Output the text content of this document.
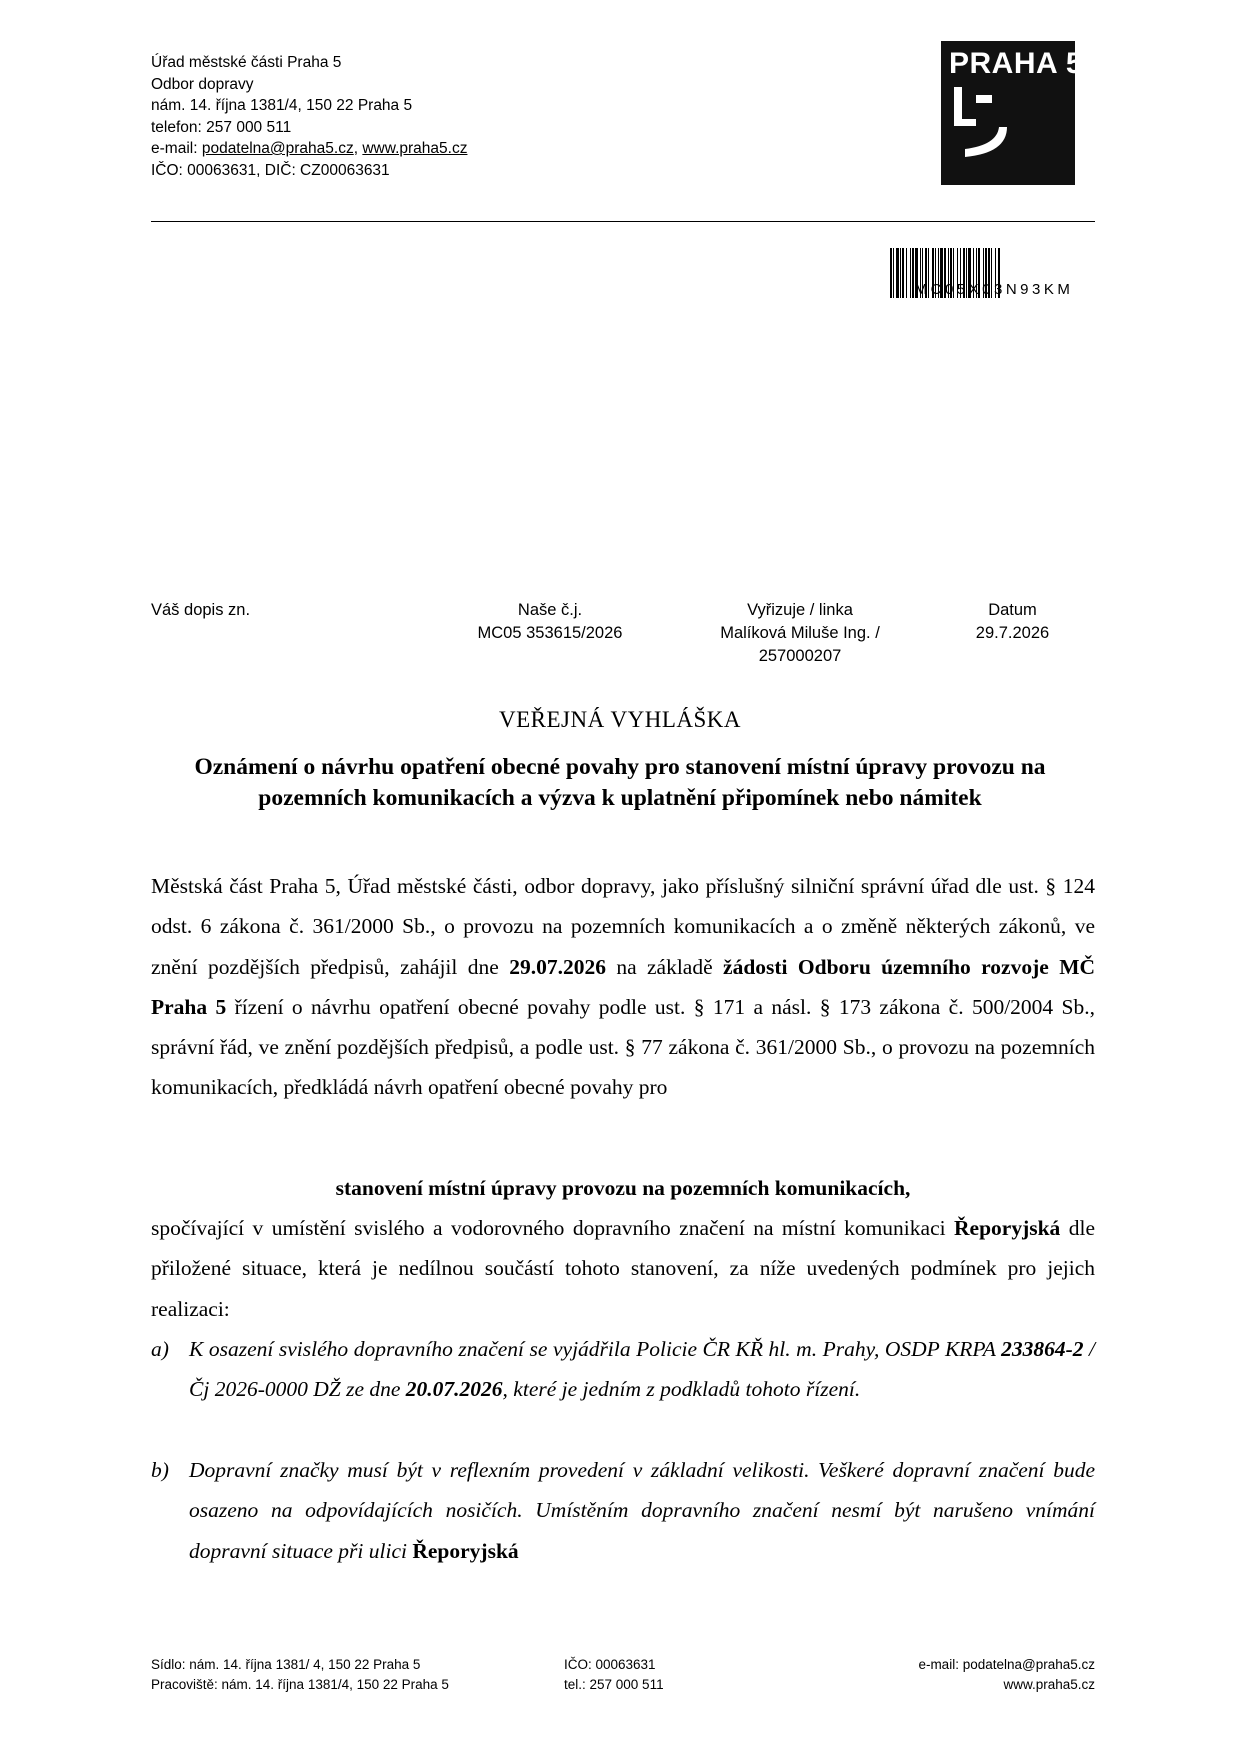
Úřad městské části Praha 5
Odbor dopravy
nám. 14. října 1381/4, 150 22 Praha 5
telefon: 257 000 511
e-mail: podatelna@praha5.cz, www.praha5.cz
IČO: 00063631, DIČ: CZ00063631
PRAHA 5
MC05X03N93KM
Váš dopis zn.	Naše č.j.
MC05 353615/2026
Vyřizuje / linka
Malíková Miluše Ing. /
257000207
Datum
29.7.2026
VEŘEJNÁ VYHLÁŠKA
Oznámení o návrhu opatření obecné povahy pro stanovení místní úpravy provozu na
pozemních komunikacích a výzva k uplatnění připomínek nebo námitek
Městská část Praha 5, Úřad městské části, odbor dopravy, jako příslušný silniční správní úřad dle ust. § 124 odst. 6 zákona č. 361/2000 Sb., o provozu na pozemních komunikacích a o změně některých zákonů, ve znění pozdějších předpisů, zahájil dne 29.07.2026 na základě žádosti Odboru územního rozvoje MČ Praha 5 řízení o návrhu opatření obecné povahy podle ust. § 171 a násl. § 173 zákona č. 500/2004 Sb., správní řád, ve znění pozdějších předpisů, a podle ust. § 77 zákona č. 361/2000 Sb., o provozu na pozemních komunikacích, předkládá návrh opatření obecné povahy pro
stanovení místní úpravy provozu na pozemních komunikacích,
spočívající v umístění svislého a vodorovného dopravního značení na místní komunikaci Řeporyjská dle přiložené situace, která je nedílnou součástí tohoto stanovení, za níže uvedených podmínek pro jejich realizaci:
a) K osazení svislého dopravního značení se vyjádřila Policie ČR KŘ hl. m. Prahy, OSDP KRPA 233864-2 /Čj 2026-0000 DŽ ze dne 20.07.2026, které je jedním z podkladů tohoto řízení.
b) Dopravní značky musí být v reflexním provedení v základní velikosti. Veškeré dopravní značení bude osazeno na odpovídajících nosičích. Umístěním dopravního značení nesmí být narušeno vnímání dopravní situace při ulici Řeporyjská
Sídlo: nám. 14. října 1381/ 4, 150 22 Praha 5
Pracoviště: nám. 14. října 1381/4, 150 22 Praha 5
IČO: 00063631
tel.: 257 000 511
e-mail: podatelna@praha5.cz
www.praha5.cz
